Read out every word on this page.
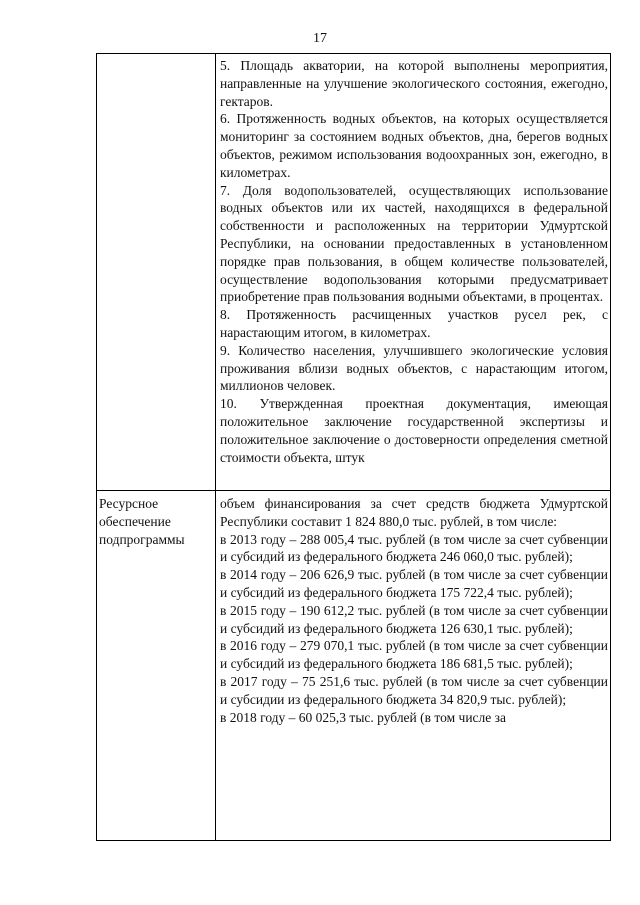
17

5. Площадь акватории, на которой выполнены мероприятия, направленные на улучшение экологического состояния, ежегодно, гектаров.

6. Протяженность водных объектов, на которых осуществляется мониторинг за состоянием водных объектов, дна, берегов водных объектов, режимом использования водоохранных зон, ежегодно, в километрах.

7. Доля водопользователей, осуществляющих использование водных объектов или их частей, находящихся в федеральной собственности и расположенных на территории Удмуртской Республики, на основании предоставленных в установленном порядке прав пользования, в общем количестве пользователей, осуществление водопользования которыми предусматривает приобретение прав пользования водными объектами, в процентах.

8. Протяженность расчищенных участков русел рек, с нарастающим итогом, в километрах.

9. Количество населения, улучшившего экологические условия проживания вблизи водных объектов, с нарастающим итогом, миллионов человек.

10. Утвержденная проектная документация, имеющая положительное заключение государственной экспертизы и положительное заключение о достоверности определения сметной стоимости объекта, штук

Ресурсное обеспечение подпрограммы

объем финансирования за счет средств бюджета Удмуртской Республики составит 1 824 880,0 тыс. рублей, в том числе:

в 2013 году – 288 005,4 тыс. рублей (в том числе за счет субвенции и субсидий из федерального бюджета 246 060,0 тыс. рублей);

в 2014 году – 206 626,9 тыс. рублей (в том числе за счет субвенции и субсидий из федерального бюджета 175 722,4 тыс. рублей);

в 2015 году – 190 612,2 тыс. рублей (в том числе за счет субвенции и субсидий из федерального бюджета 126 630,1 тыс. рублей);

в 2016 году – 279 070,1 тыс. рублей (в том числе за счет субвенции и субсидий из федерального бюджета 186 681,5 тыс. рублей);

в 2017 году – 75 251,6 тыс. рублей (в том числе за счет субвенции и субсидии из федерального бюджета 34 820,9 тыс. рублей);

в 2018 году – 60 025,3 тыс. рублей (в том числе за
